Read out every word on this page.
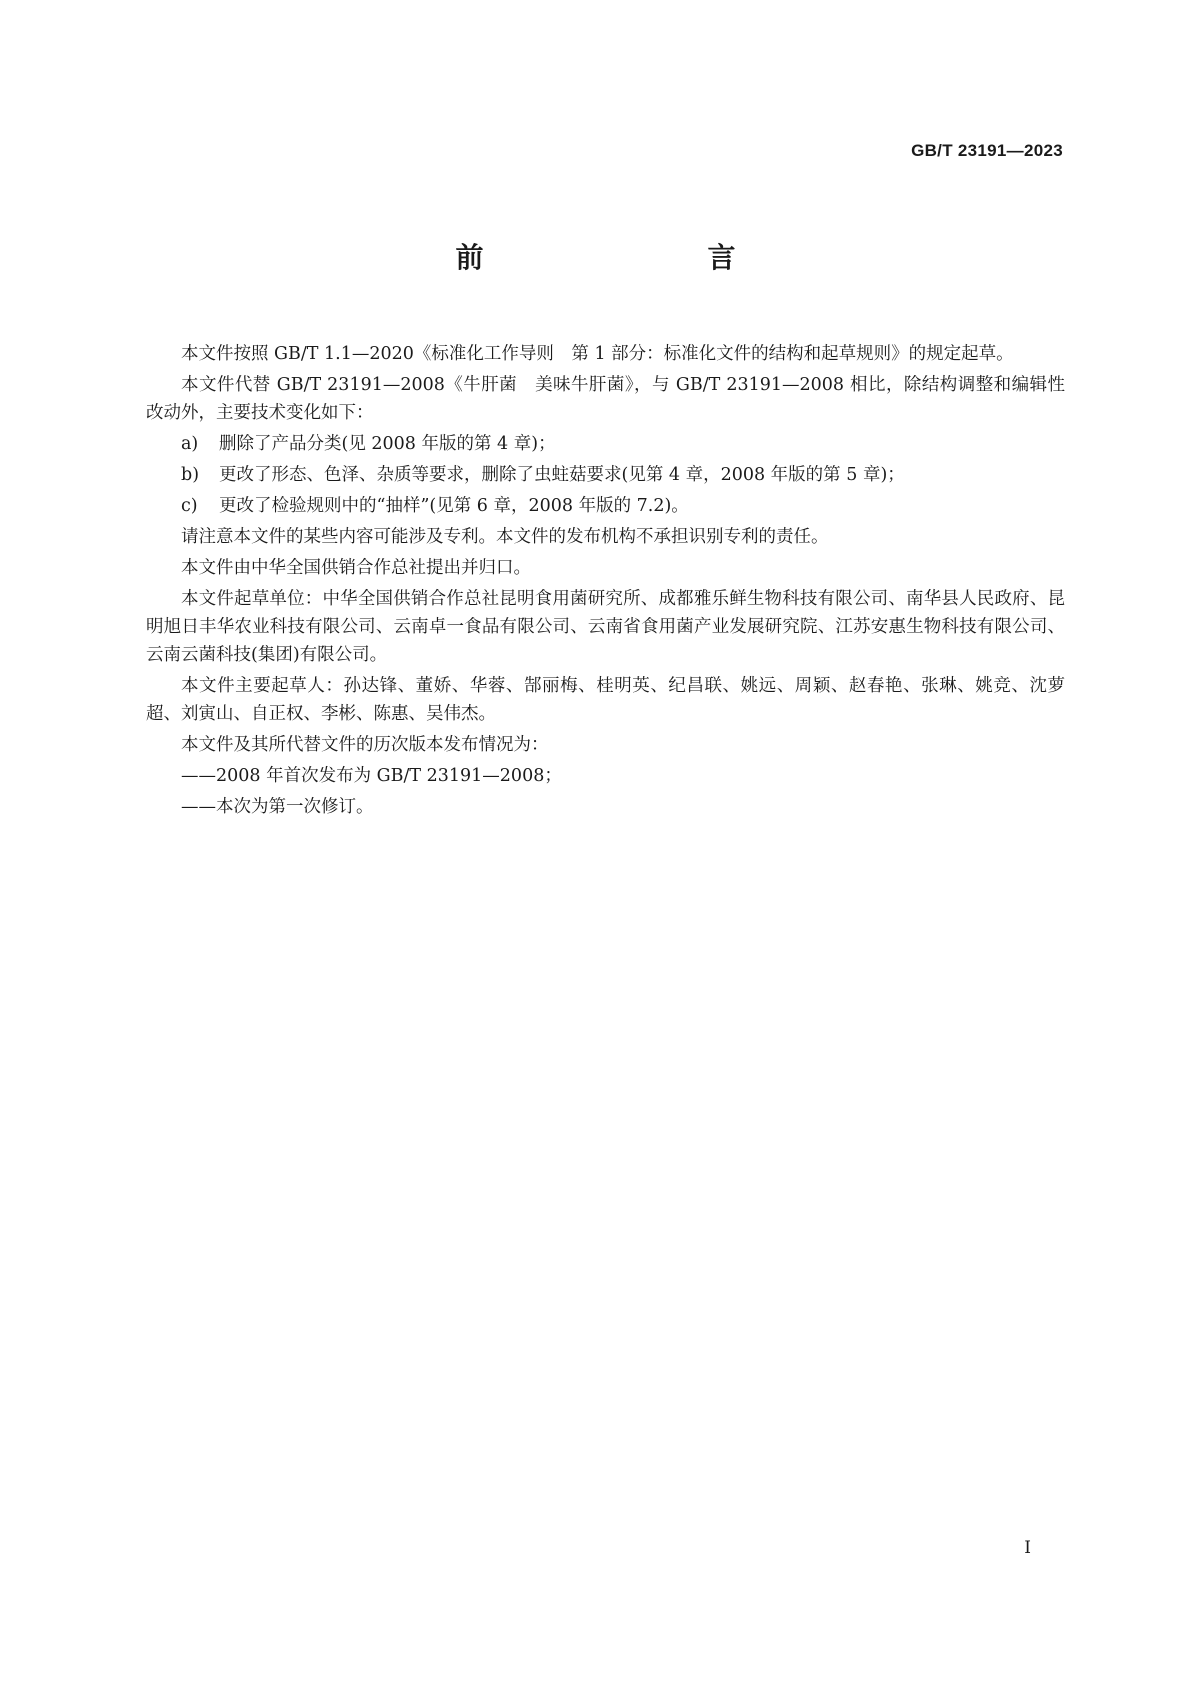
GB/T 23191—2023
前　　言

本文件按照 GB/T 1.1—2020《标准化工作导则　第 1 部分：标准化文件的结构和起草规则》的规定起草。

本文件代替 GB/T 23191—2008《牛肝菌　美味牛肝菌》，与 GB/T 23191—2008 相比，除结构调整和编辑性改动外，主要技术变化如下：

a) 删除了产品分类(见 2008 年版的第 4 章)；

b) 更改了形态、色泽、杂质等要求，删除了虫蛀菇要求(见第 4 章，2008 年版的第 5 章)；

c) 更改了检验规则中的“抽样”(见第 6 章，2008 年版的 7.2)。

请注意本文件的某些内容可能涉及专利。本文件的发布机构不承担识别专利的责任。

本文件由中华全国供销合作总社提出并归口。

本文件起草单位：中华全国供销合作总社昆明食用菌研究所、成都雅乐鲜生物科技有限公司、南华县人民政府、昆明旭日丰华农业科技有限公司、云南卓一食品有限公司、云南省食用菌产业发展研究院、江苏安惠生物科技有限公司、云南云菌科技(集团)有限公司。

本文件主要起草人：孙达锋、董娇、华蓉、郜丽梅、桂明英、纪昌联、姚远、周颖、赵春艳、张琳、姚竞、沈萝超、刘寅山、自正权、李彬、陈惠、吴伟杰。

本文件及其所代替文件的历次版本发布情况为：

——2008 年首次发布为 GB/T 23191—2008；

——本次为第一次修订。

I
